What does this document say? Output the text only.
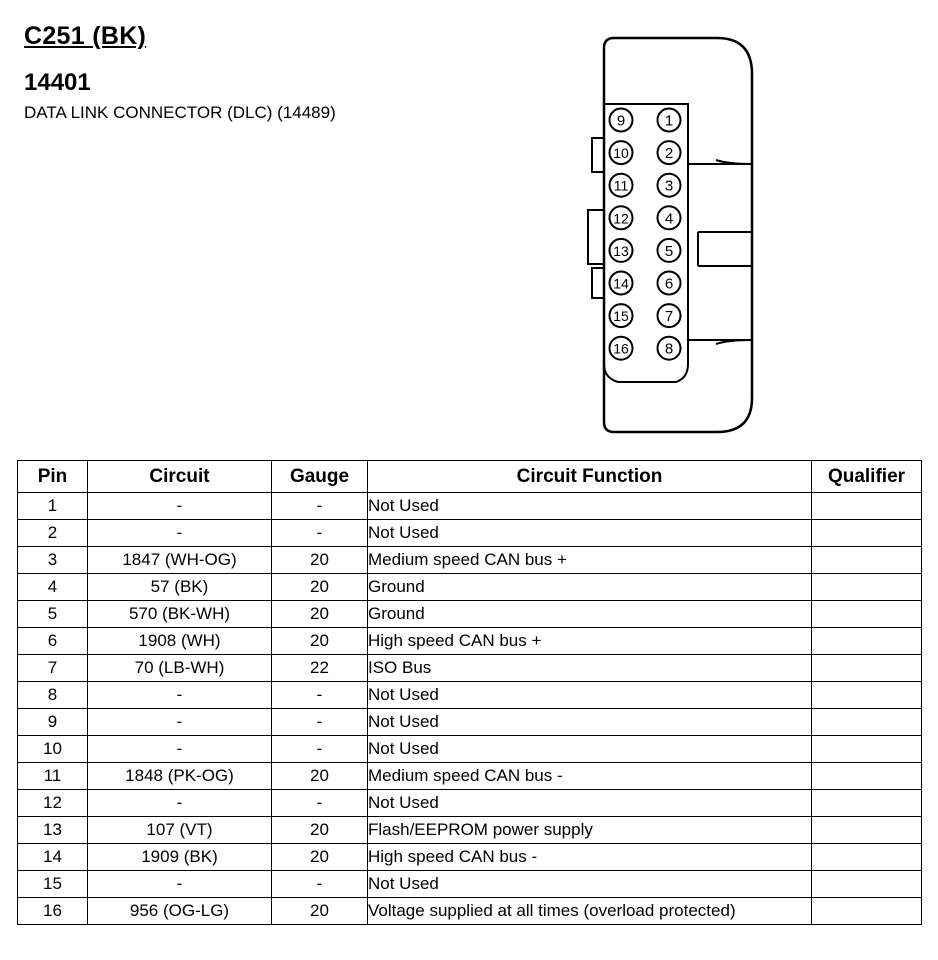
C251 (BK)
14401
DATA LINK CONNECTOR (DLC) (14489)	9
10
11
12
13
14
15
16
1
2
3
4
5
6
7
8
Pin	Circuit	Gauge	Circuit Function	Qualifier
1	-	-	Not Used	
2	-	-	Not Used	
3	1847 (WH-OG)	20	Medium speed CAN bus +	
4	57 (BK)	20	Ground	
5	570 (BK-WH)	20	Ground	
6	1908 (WH)	20	High speed CAN bus +	
7	70 (LB-WH)	22	ISO Bus	
8	-	-	Not Used	
9	-	-	Not Used	
10	-	-	Not Used	
11	1848 (PK-OG)	20	Medium speed CAN bus -	
12	-	-	Not Used	
13	107 (VT)	20	Flash/EEPROM power supply	
14	1909 (BK)	20	High speed CAN bus -	
15	-	-	Not Used	
16	956 (OG-LG)	20	Voltage supplied at all times (overload protected)	
